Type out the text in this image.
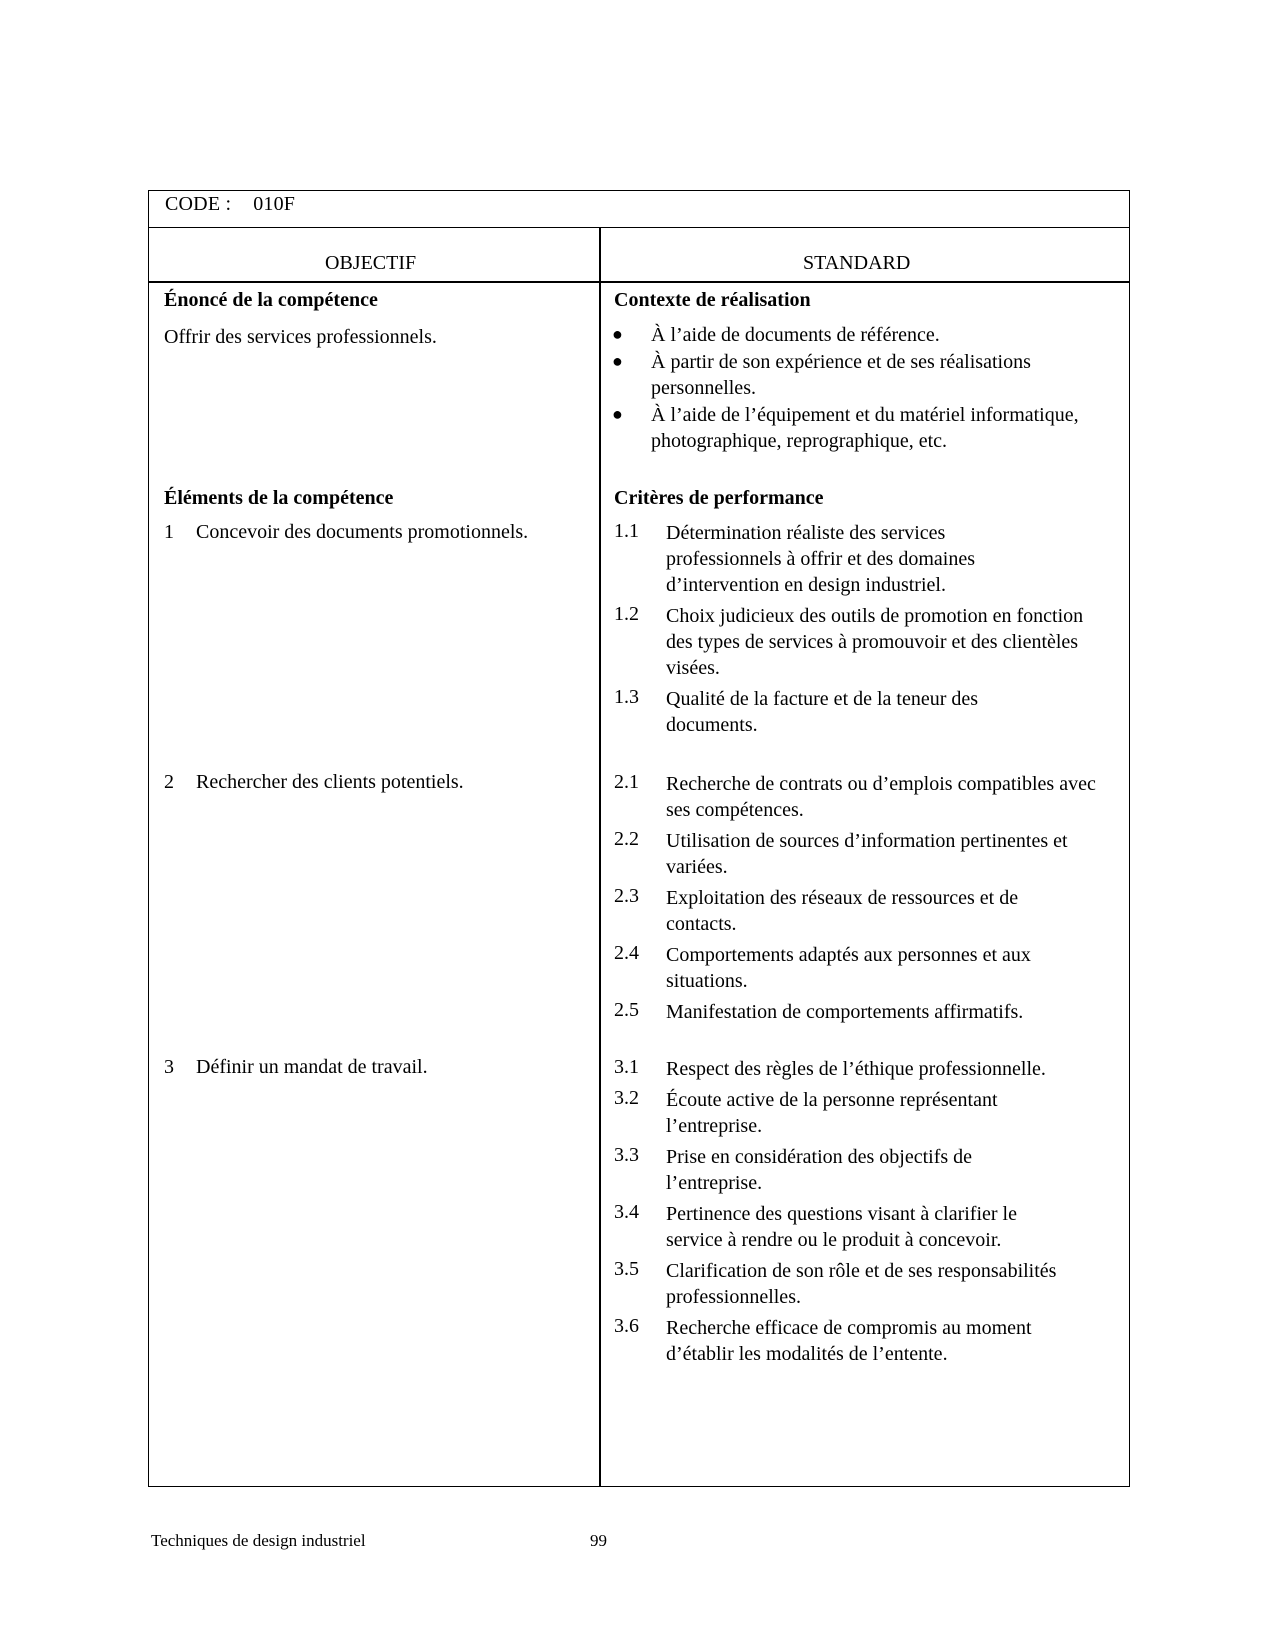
CODE : 010F
OBJECTIF	STANDARD
Énoncé de la compétence
Offrir des services professionnels.
Éléments de la compétence
1 Concevoir des documents promotionnels.
2 Rechercher des clients potentiels.
3 Définir un mandat de travail.
Contexte de réalisation
● À l’aide de documents de référence.
● À partir de son expérience et de ses réalisations personnelles.
● À l’aide de l’équipement et du matériel informatique, photographique, reprographique, etc.
Critères de performance
1.1 Détermination réaliste des services professionnels à offrir et des domaines d’intervention en design industriel.
1.2 Choix judicieux des outils de promotion en fonction des types de services à promouvoir et des clientèles visées.
1.3 Qualité de la facture et de la teneur des documents.
2.1 Recherche de contrats ou d’emplois compatibles avec ses compétences.
2.2 Utilisation de sources d’information pertinentes et variées.
2.3 Exploitation des réseaux de ressources et de contacts.
2.4 Comportements adaptés aux personnes et aux situations.
2.5 Manifestation de comportements affirmatifs.
3.1 Respect des règles de l’éthique professionnelle.
3.2 Écoute active de la personne représentant l’entreprise.
3.3 Prise en considération des objectifs de l’entreprise.
3.4 Pertinence des questions visant à clarifier le service à rendre ou le produit à concevoir.
3.5 Clarification de son rôle et de ses responsabilités professionnelles.
3.6 Recherche efficace de compromis au moment d’établir les modalités de l’entente.
Techniques de design industriel	99
